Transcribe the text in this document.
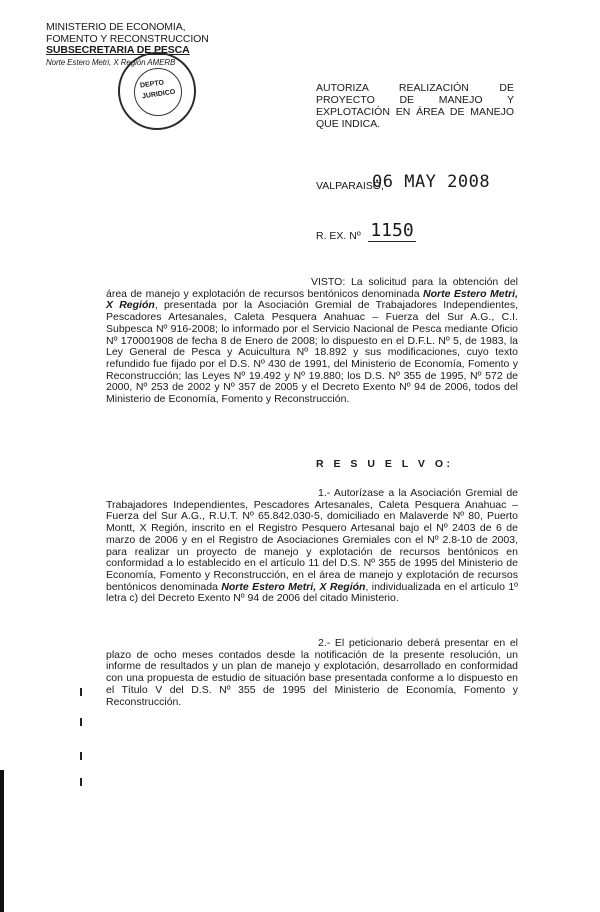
MINISTERIO DE ECONOMIA,
FOMENTO Y RECONSTRUCCION
SUBSECRETARIA DE PESCA
Norte Estero Metri, X Región AMERB
DEPTO
JURIDICO
AUTORIZA REALIZACIÓN DE PROYECTO DE MANEJO Y EXPLOTACIÓN EN ÁREA DE MANEJO QUE INDICA.
VALPARAISO,
06 MAY 2008
R. EX. Nº 1150
VISTO: La solicitud para la obtención del área de manejo y explotación de recursos bentónicos denominada Norte Estero Metri, X Región, presentada por la Asociación Gremial de Trabajadores Independientes, Pescadores Artesanales, Caleta Pesquera Anahuac – Fuerza del Sur A.G., C.I. Subpesca Nº 916-2008; lo informado por el Servicio Nacional de Pesca mediante Oficio Nº 170001908 de fecha 8 de Enero de 2008; lo dispuesto en el D.F.L. Nº 5, de 1983, la Ley General de Pesca y Acuicultura Nº 18.892 y sus modificaciones, cuyo texto refundido fue fijado por el D.S. Nº 430 de 1991, del Ministerio de Economía, Fomento y Reconstrucción; las Leyes Nº 19.492 y Nº 19.880; los D.S. Nº 355 de 1995, Nº 572 de 2000, Nº 253 de 2002 y Nº 357 de 2005 y el Decreto Exento Nº 94 de 2006, todos del Ministerio de Economía, Fomento y Reconstrucción.
R E S U E L V O:
1.- Autorízase a la Asociación Gremial de Trabajadores Independientes, Pescadores Artesanales, Caleta Pesquera Anahuac – Fuerza del Sur A.G., R.U.T. Nº 65.842.030-5, domiciliado en Malaverde Nº 80, Puerto Montt, X Región, inscrito en el Registro Pesquero Artesanal bajo el Nº 2403 de 6 de marzo de 2006 y en el Registro de Asociaciones Gremiales con el Nº 2.8-10 de 2003, para realizar un proyecto de manejo y explotación de recursos bentónicos en conformidad a lo establecido en el artículo 11 del D.S. Nº 355 de 1995 del Ministerio de Economía, Fomento y Reconstrucción, en el área de manejo y explotación de recursos bentónicos denominada Norte Estero Metri, X Región, individualizada en el artículo 1º letra c) del Decreto Exento Nº 94 de 2006 del citado Ministerio.
2.- El peticionario deberá presentar en el plazo de ocho meses contados desde la notificación de la presente resolución, un informe de resultados y un plan de manejo y explotación, desarrollado en conformidad con una propuesta de estudio de situación base presentada conforme a lo dispuesto en el Título V del D.S. Nº 355 de 1995 del Ministerio de Economía, Fomento y Reconstrucción.
